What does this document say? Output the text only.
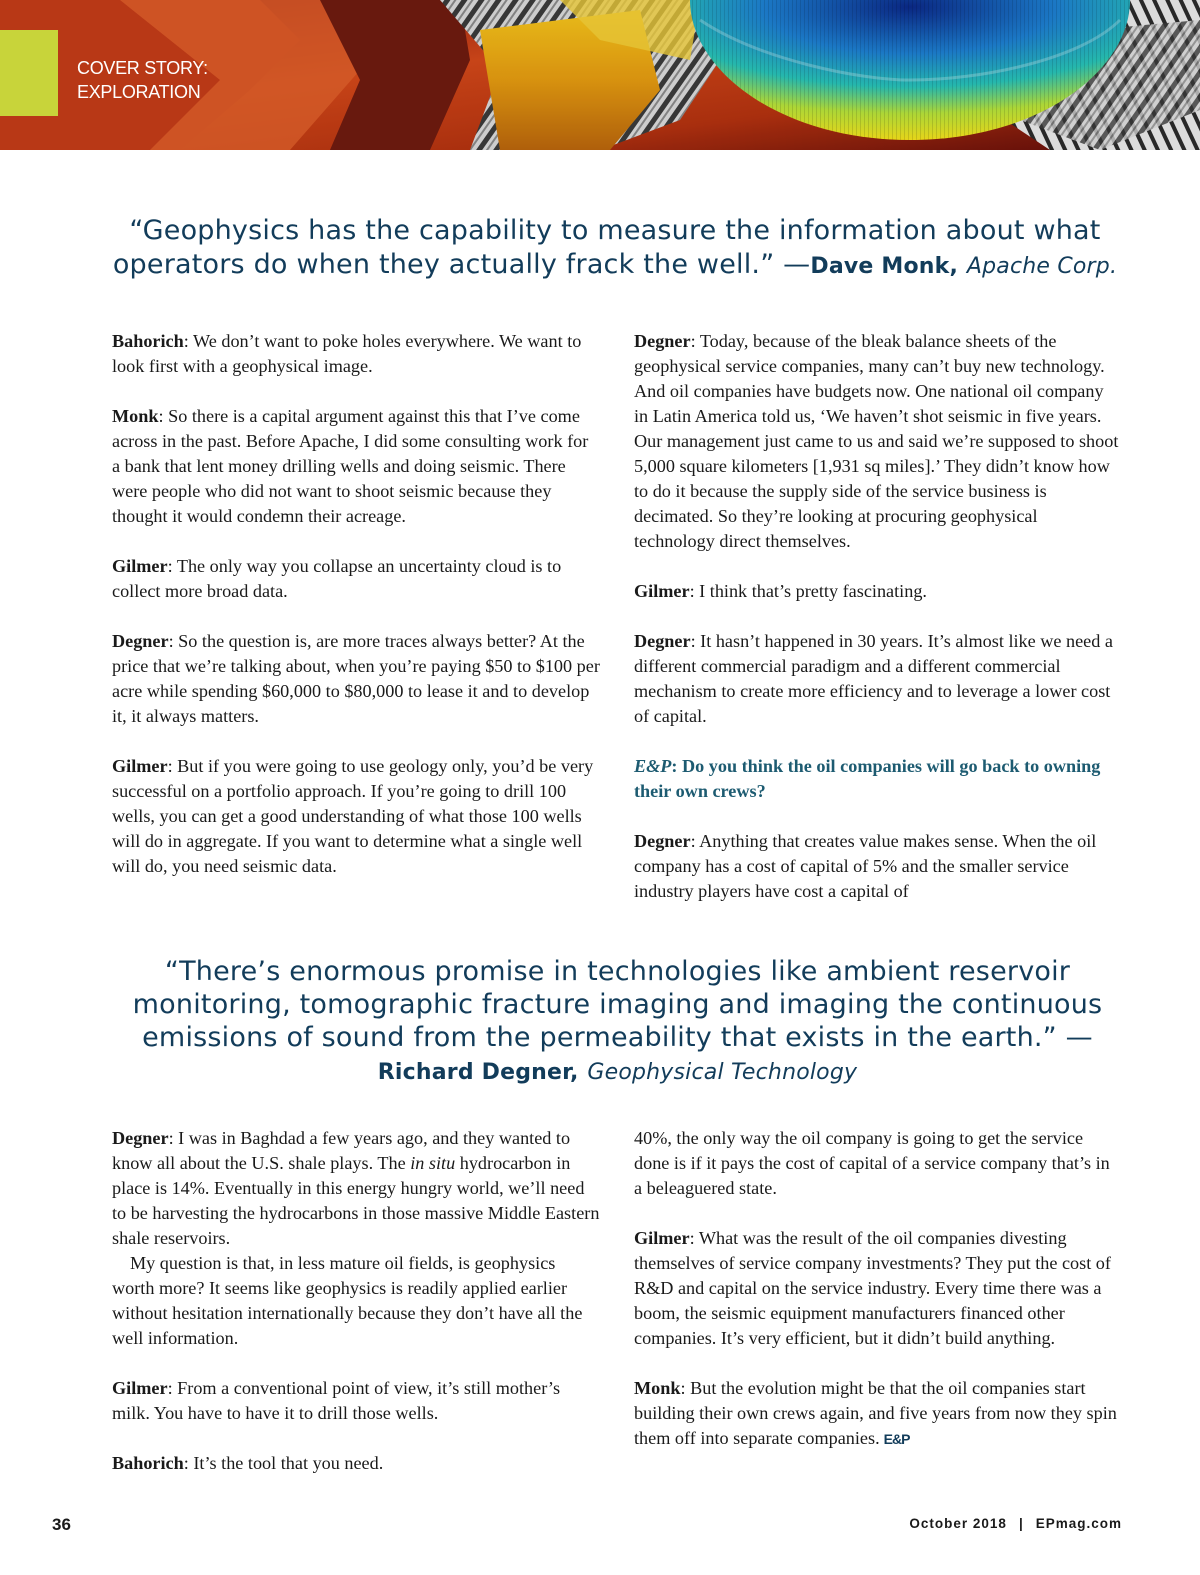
COVER STORY:
EXPLORATION
“Geophysics has the capability to measure the information about what operators do when they actually frack the well.” —Dave Monk, Apache Corp.

Bahorich: We don’t want to poke holes everywhere. We want to look first with a geophysical image.

Monk: So there is a capital argument against this that I’ve come across in the past. Before Apache, I did some consulting work for a bank that lent money drilling wells and doing seismic. There were people who did not want to shoot seismic because they thought it would condemn their acreage.

Gilmer: The only way you collapse an uncertainty cloud is to collect more broad data.

Degner: So the question is, are more traces always better? At the price that we’re talking about, when you’re paying $50 to $100 per acre while spending $60,000 to $80,000 to lease it and to develop it, it always matters.

Gilmer: But if you were going to use geology only, you’d be very successful on a portfolio approach. If you’re going to drill 100 wells, you can get a good understanding of what those 100 wells will do in aggregate. If you want to determine what a single well will do, you need seismic data.

Degner: Today, because of the bleak balance sheets of the geophysical service companies, many can’t buy new technology. And oil companies have budgets now. One national oil company in Latin America told us, ‘We haven’t shot seismic in five years. Our management just came to us and said we’re supposed to shoot 5,000 square kilometers [1,931 sq miles].’ They didn’t know how to do it because the supply side of the service business is decimated. So they’re looking at procuring geophysical technology direct themselves.

Gilmer: I think that’s pretty fascinating.

Degner: It hasn’t happened in 30 years. It’s almost like we need a different commercial paradigm and a different commercial mechanism to create more efficiency and to leverage a lower cost of capital.

E&P: Do you think the oil companies will go back to owning their own crews?

Degner: Anything that creates value makes sense. When the oil company has a cost of capital of 5% and the smaller service industry players have cost a capital of

“There’s enormous promise in technologies like ambient reservoir monitoring, tomographic fracture imaging and imaging the continuous emissions of sound from the permeability that exists in the earth.” —Richard Degner, Geophysical Technology

Degner: I was in Baghdad a few years ago, and they wanted to know all about the U.S. shale plays. The in situ hydrocarbon in place is 14%. Eventually in this energy hungry world, we’ll need to be harvesting the hydrocarbons in those massive Middle Eastern shale reservoirs.

My question is that, in less mature oil fields, is geophysics worth more? It seems like geophysics is readily applied earlier without hesitation internationally because they don’t have all the well information.

Gilmer: From a conventional point of view, it’s still mother’s milk. You have to have it to drill those wells.

Bahorich: It’s the tool that you need.

40%, the only way the oil company is going to get the service done is if it pays the cost of capital of a service company that’s in a beleaguered state.

Gilmer: What was the result of the oil companies divesting themselves of service company investments? They put the cost of R&D and capital on the service industry. Every time there was a boom, the seismic equipment manufacturers financed other companies. It’s very efficient, but it didn’t build anything.

Monk: But the evolution might be that the oil companies start building their own crews again, and five years from now they spin them off into separate companies. E&P

36	October 2018 | EPmag.com
